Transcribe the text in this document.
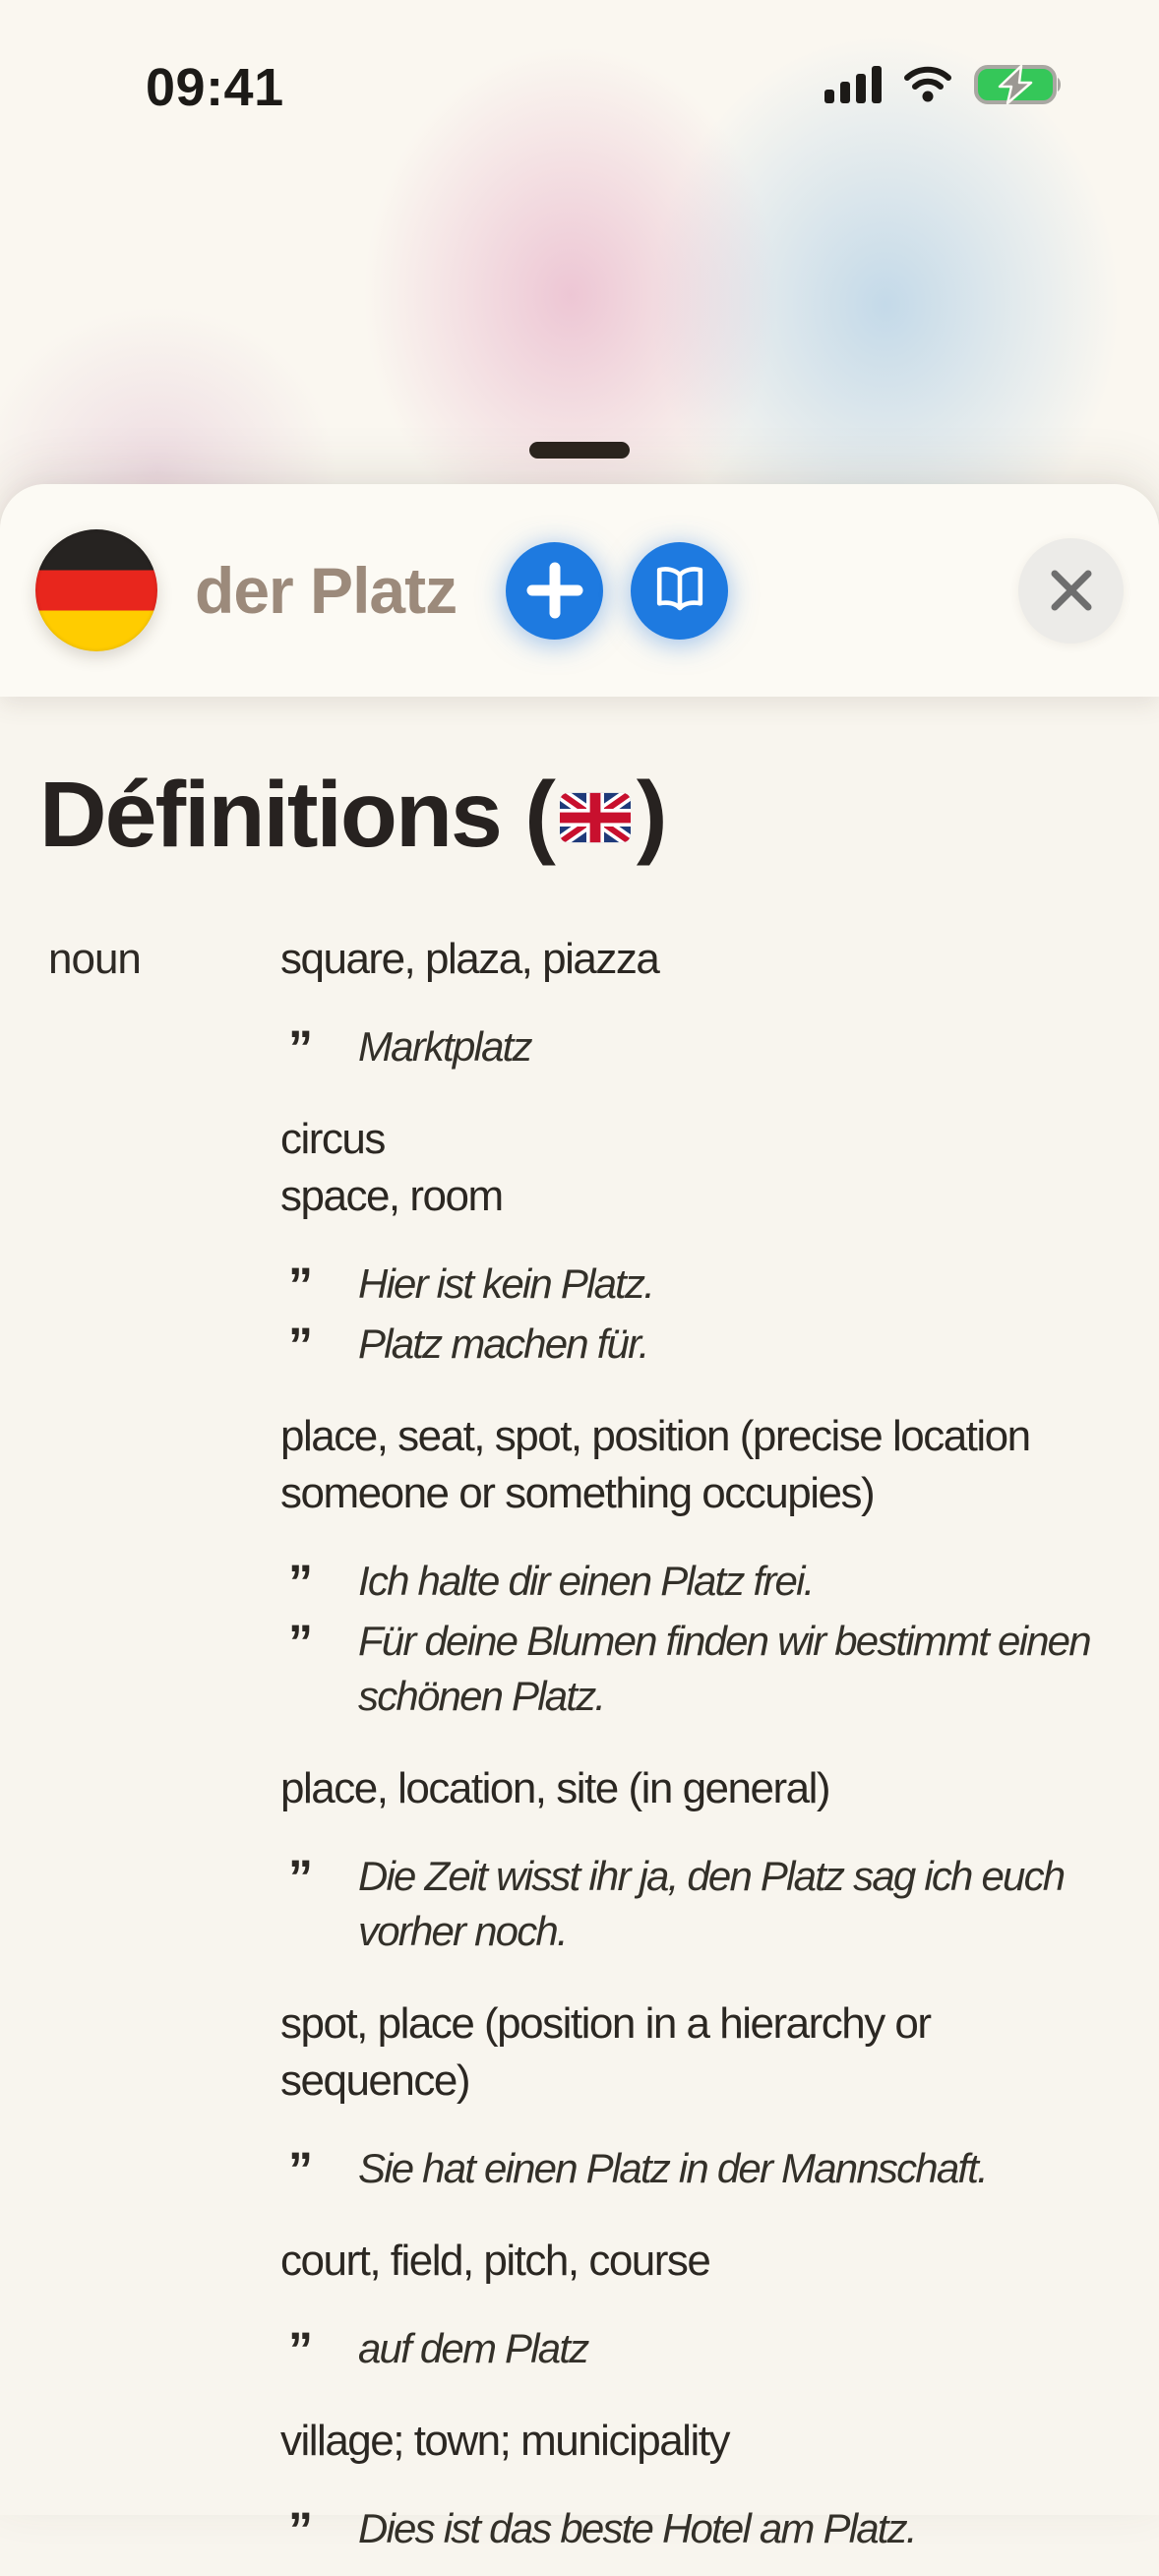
09:41
der Platz
Définitions ( )
noun	square, plaza, piazza
”	Marktplatz
circus
space, room
”	Hier ist kein Platz.
”	Platz machen für.
place, seat, spot, position (precise location someone or something occupies)
”	Ich halte dir einen Platz frei.
”	Für deine Blumen finden wir bestimmt einen schönen Platz.
place, location, site (in general)
”	Die Zeit wisst ihr ja, den Platz sag ich euch vorher noch.
spot, place (position in a hierarchy or sequence)
”	Sie hat einen Platz in der Mannschaft.
court, field, pitch, course
”	auf dem Platz
village; town; municipality
”	Dies ist das beste Hotel am Platz.
